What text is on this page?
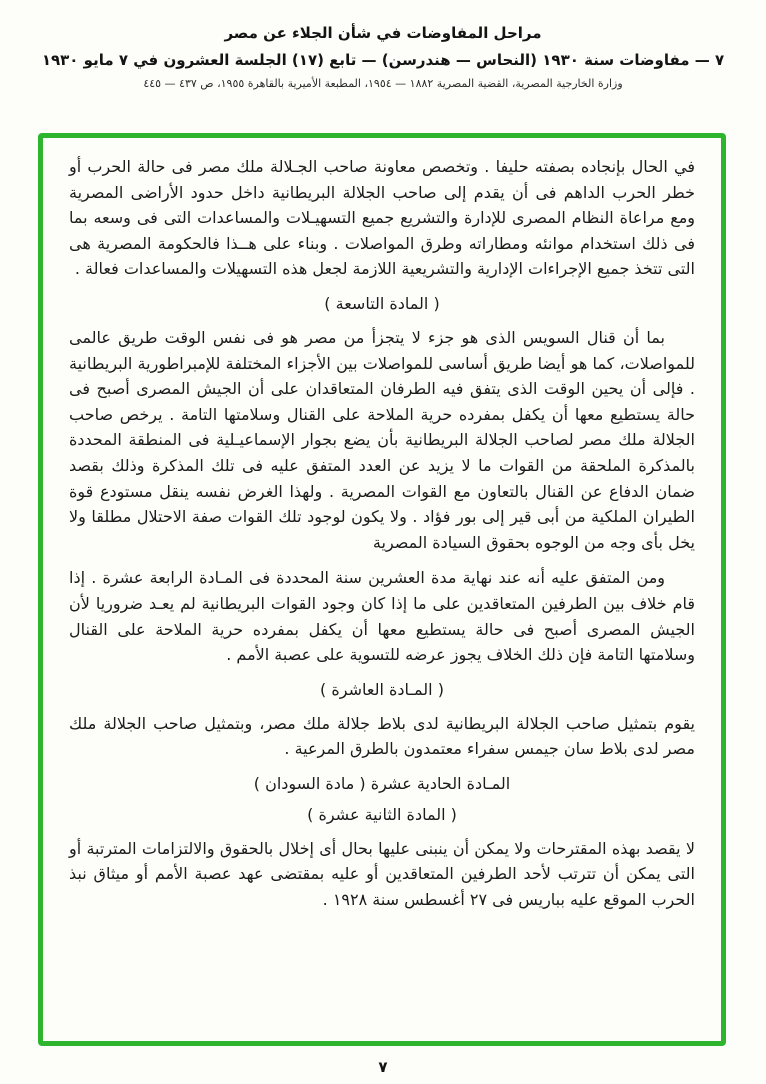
مراحل المفاوضات في شأن الجلاء عن مصر
٧ — مفاوضات سنة ١٩٣٠ (النحاس — هندرسن) — تابع (١٧) الجلسة العشرون في ٧ مايو ١٩٣٠
وزارة الخارجية المصرية، القضية المصرية ١٨٨٢ — ١٩٥٤، المطبعة الأميرية بالقاهرة ١٩٥٥، ص ٤٣٧ — ٤٤٥

في الحال بإنجاده بصفته حليفا . وتخصص معاونة صاحب الجـلالة ملك مصر فى حالة الحرب أو خطر الحرب الداهم فى أن يقدم إلى صاحب الجلالة البريطانية داخل حدود الأراضى المصرية ومع مراعاة النظام المصرى للإدارة والتشريع جميع التسهيـلات والمساعدات التى فى وسعه بما فى ذلك استخدام موانئه ومطاراته وطرق المواصلات . وبناء على هــذا فالحكومة المصرية هى التى تتخذ جميع الإجراءات الإدارية والتشريعية اللازمة لجعل هذه التسهيلات والمساعدات فعالة .

( المادة التاسعة )

بما أن قنال السويس الذى هو جزء لا يتجزأ من مصر هو فى نفس الوقت طريق عالمى للمواصلات، كما هو أيضا طريق أساسى للمواصلات بين الأجزاء المختلفة للإمبراطورية البريطانية . فإلى أن يحين الوقت الذى يتفق فيه الطرفان المتعاقدان على أن الجيش المصرى أصبح فى حالة يستطيع معها أن يكفل بمفرده حرية الملاحة على القنال وسلامتها التامة . يرخص صاحب الجلالة ملك مصر لصاحب الجلالة البريطانية بأن يضع بجوار الإسماعيـلية فى المنطقة المحددة بالمذكرة الملحقة من القوات ما لا يزيد عن العدد المتفق عليه فى تلك المذكرة وذلك بقصد ضمان الدفاع عن القنال بالتعاون مع القوات المصرية . ولهذا الغرض نفسه ينقل مستودع قوة الطيران الملكية من أبى قير إلى بور فؤاد . ولا يكون لوجود تلك القوات صفة الاحتلال مطلقا ولا يخل بأى وجه من الوجوه بحقوق السيادة المصرية

ومن المتفق عليه أنه عند نهاية مدة العشرين سنة المحددة فى المـادة الرابعة عشرة . إذا قام خلاف بين الطرفين المتعاقدين على ما إذا كان وجود القوات البريطانية لم يعـد ضروريا لأن الجيش المصرى أصبح فى حالة يستطيع معها أن يكفل بمفرده حرية الملاحة على القنال وسلامتها التامة فإن ذلك الخلاف يجوز عرضه للتسوية على عصبة الأمم .

( المـادة العاشرة )

يقوم بتمثيل صاحب الجلالة البريطانية لدى بلاط جلالة ملك مصر، وبتمثيل صاحب الجلالة ملك مصر لدى بلاط سان جيمس سفراء معتمدون بالطرق المرعية .

المـادة الحادية عشرة ( مادة السودان )

( المادة الثانية عشرة )

لا يقصد بهذه المقترحات ولا يمكن أن ينبنى عليها بحال أى إخلال بالحقوق والالتزامات المترتبة أو التى يمكن أن تترتب لأحد الطرفين المتعاقدين أو عليه بمقتضى عهد عصبة الأمم أو ميثاق نبذ الحرب الموقع عليه بباريس فى ٢٧ أغسطس سنة ١٩٢٨ .

٧
